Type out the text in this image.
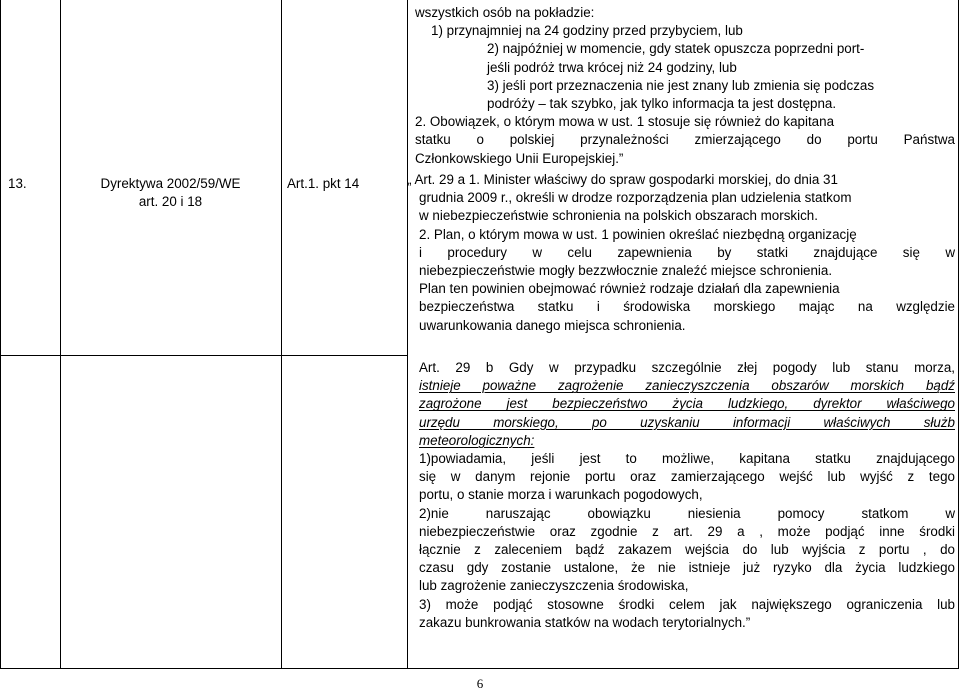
13.	Dyrektywa 2002/59/WE
art. 20 i 18
Art.1. pkt 14
wszystkich osób na pokładzie:
1) przynajmniej na 24 godziny przed przybyciem, lub
2) najpóźniej w momencie, gdy statek opuszcza poprzedni port-
jeśli podróż trwa krócej niż 24 godziny, lub
3) jeśli port przeznaczenia nie jest znany lub zmienia się podczas
podróży – tak szybko, jak tylko informacja ta jest dostępna.
2. Obowiązek, o którym mowa w ust. 1 stosuje się również do kapitana
statku o polskiej przynależności zmierzającego do portu Państwa
Członkowskiego Unii Europejskiej.”
„ Art. 29 a 1. Minister właściwy do spraw gospodarki morskiej, do dnia 31
grudnia 2009 r., określi w drodze rozporządzenia plan udzielenia statkom
w niebezpieczeństwie schronienia na polskich obszarach morskich.
2. Plan, o którym mowa w ust. 1 powinien określać niezbędną organizację
i procedury w celu zapewnienia by statki znajdujące się w
niebezpieczeństwie mogły bezzwłocznie znaleźć miejsce schronienia.
Plan ten powinien obejmować również rodzaje działań dla zapewnienia
bezpieczeństwa statku i środowiska morskiego mając na względzie
uwarunkowania danego miejsca schronienia.
Art. 29 b Gdy w przypadku szczególnie złej pogody lub stanu morza,
istnieje poważne zagrożenie zanieczyszczenia obszarów morskich bądź
zagrożone jest bezpieczeństwo życia ludzkiego, dyrektor właściwego
urzędu morskiego, po uzyskaniu informacji właściwych służb
meteorologicznych:
1)powiadamia, jeśli jest to możliwe, kapitana statku znajdującego
się w danym rejonie portu oraz zamierzającego wejść lub wyjść z tego
portu, o stanie morza i warunkach pogodowych,
2)nie naruszając obowiązku niesienia pomocy statkom w
niebezpieczeństwie oraz zgodnie z art. 29 a , może podjąć inne środki
łącznie z zaleceniem bądź zakazem wejścia do lub wyjścia z portu , do
czasu gdy zostanie ustalone, że nie istnieje już ryzyko dla życia ludzkiego
lub zagrożenie zanieczyszczenia środowiska,
3) może podjąć stosowne środki celem jak największego ograniczenia lub
zakazu bunkrowania statków na wodach terytorialnych.”
6
